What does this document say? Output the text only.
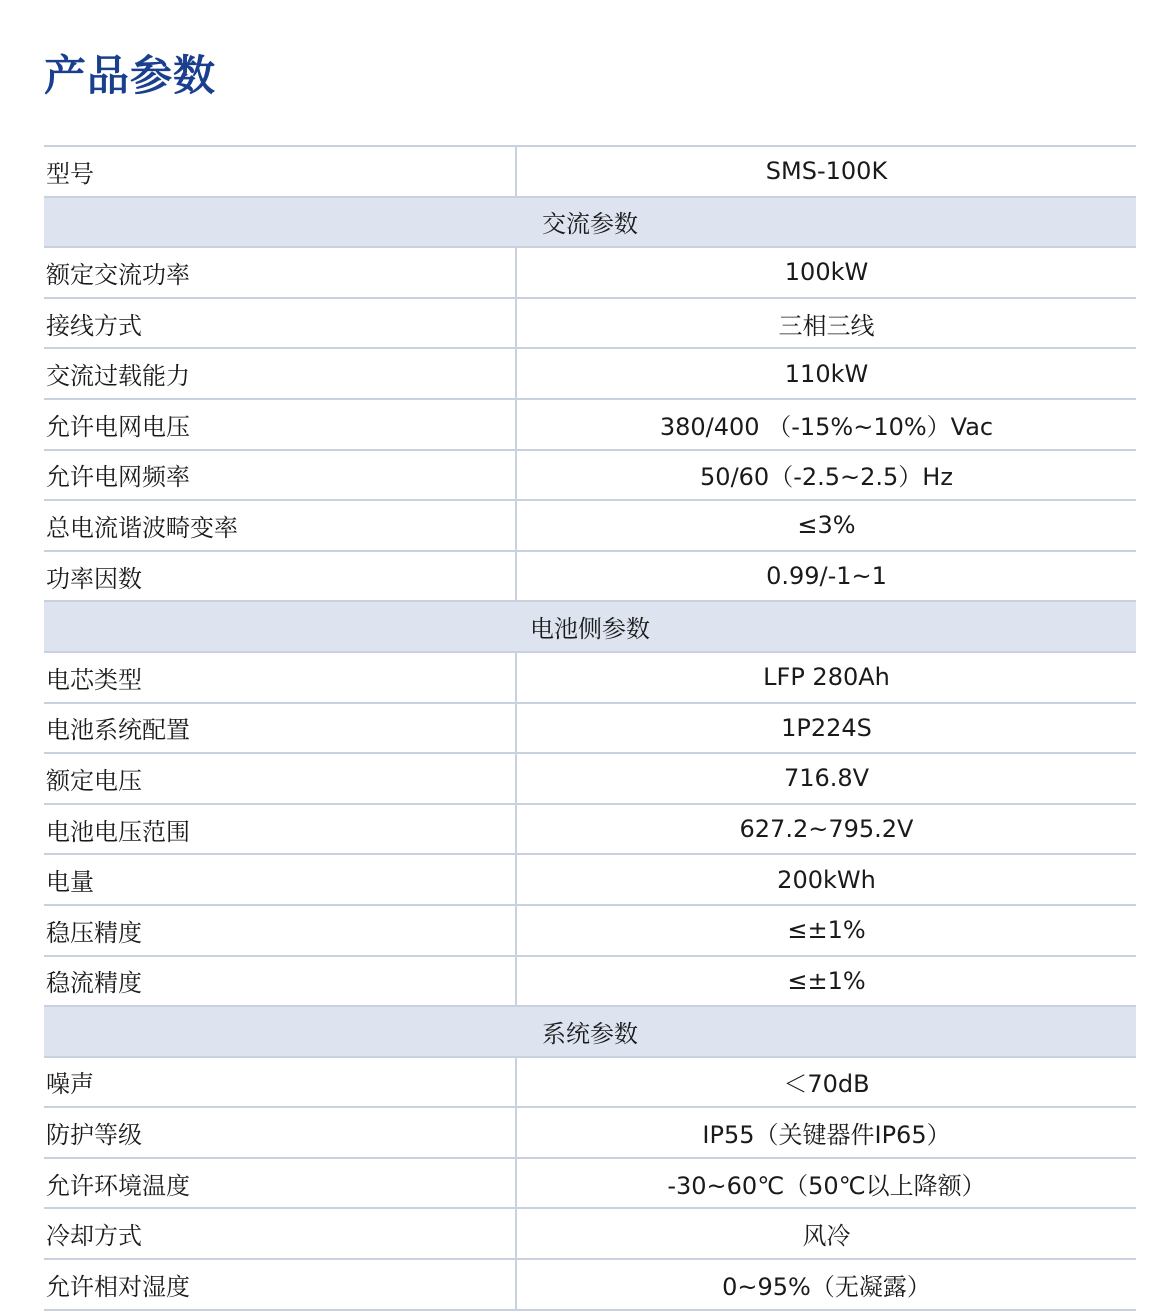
产品参数
型号	SMS-100K
交流参数
额定交流功率	100kW
接线方式	三相三线
交流过载能力	110kW
允许电网电压	380/400 （-15%~10%）Vac
允许电网频率	50/60（-2.5~2.5）Hz
总电流谐波畸变率	≤3%
功率因数	0.99/-1~1
电池侧参数
电芯类型	LFP 280Ah
电池系统配置	1P224S
额定电压	716.8V
电池电压范围	627.2~795.2V
电量	200kWh
稳压精度	≤±1%
稳流精度	≤±1%
系统参数
噪声	＜70dB
防护等级	IP55（关键器件IP65）
允许环境温度	-30~60℃（50℃以上降额）
冷却方式	风冷
允许相对湿度	0~95%（无凝露）
